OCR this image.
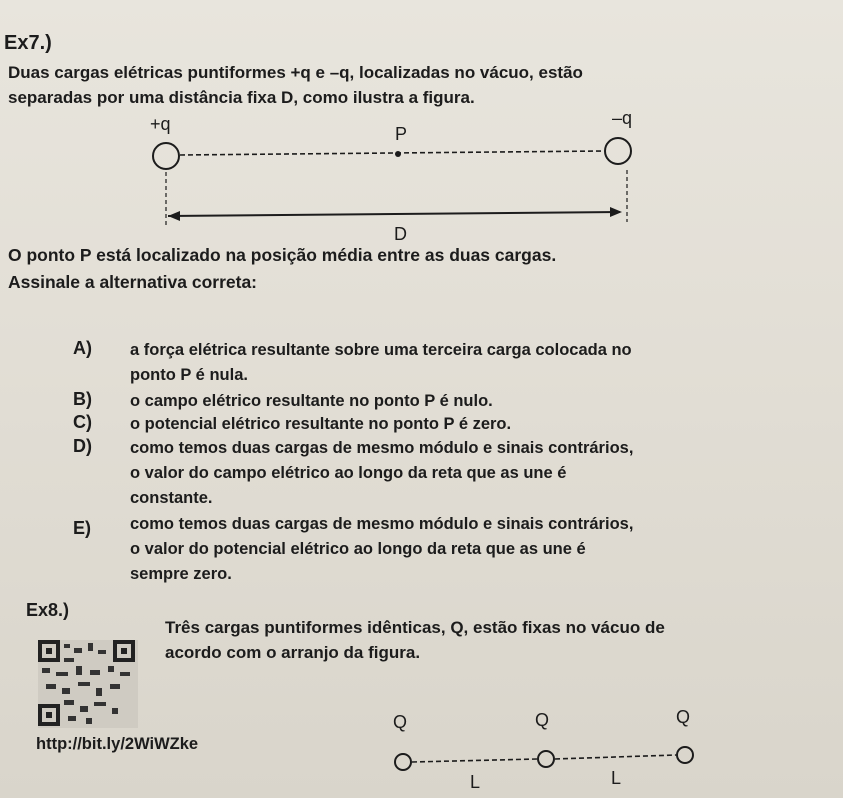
Ex7.)
Duas cargas elétricas puntiformes +q e –q, localizadas no vácuo, estão
separadas por uma distância fixa D, como ilustra a figura.
+q	P
–q
D
O ponto P está localizado na posição média entre as duas cargas.
Assinale a alternativa correta:
A) a força elétrica resultante sobre uma terceira carga colocada no
ponto P é nula.
B) o campo elétrico resultante no ponto P é nulo.
C) o potencial elétrico resultante no ponto P é zero.
D) como temos duas cargas de mesmo módulo e sinais contrários,
o valor do campo elétrico ao longo da reta que as une é
constante.
E) como temos duas cargas de mesmo módulo e sinais contrários,
o valor do potencial elétrico ao longo da reta que as une é
sempre zero.
Ex8.)
Três cargas puntiformes idênticas, Q, estão fixas no vácuo de
acordo com o arranjo da figura.
http://bit.ly/2WiWZke
Q	Q	Q
L	L
